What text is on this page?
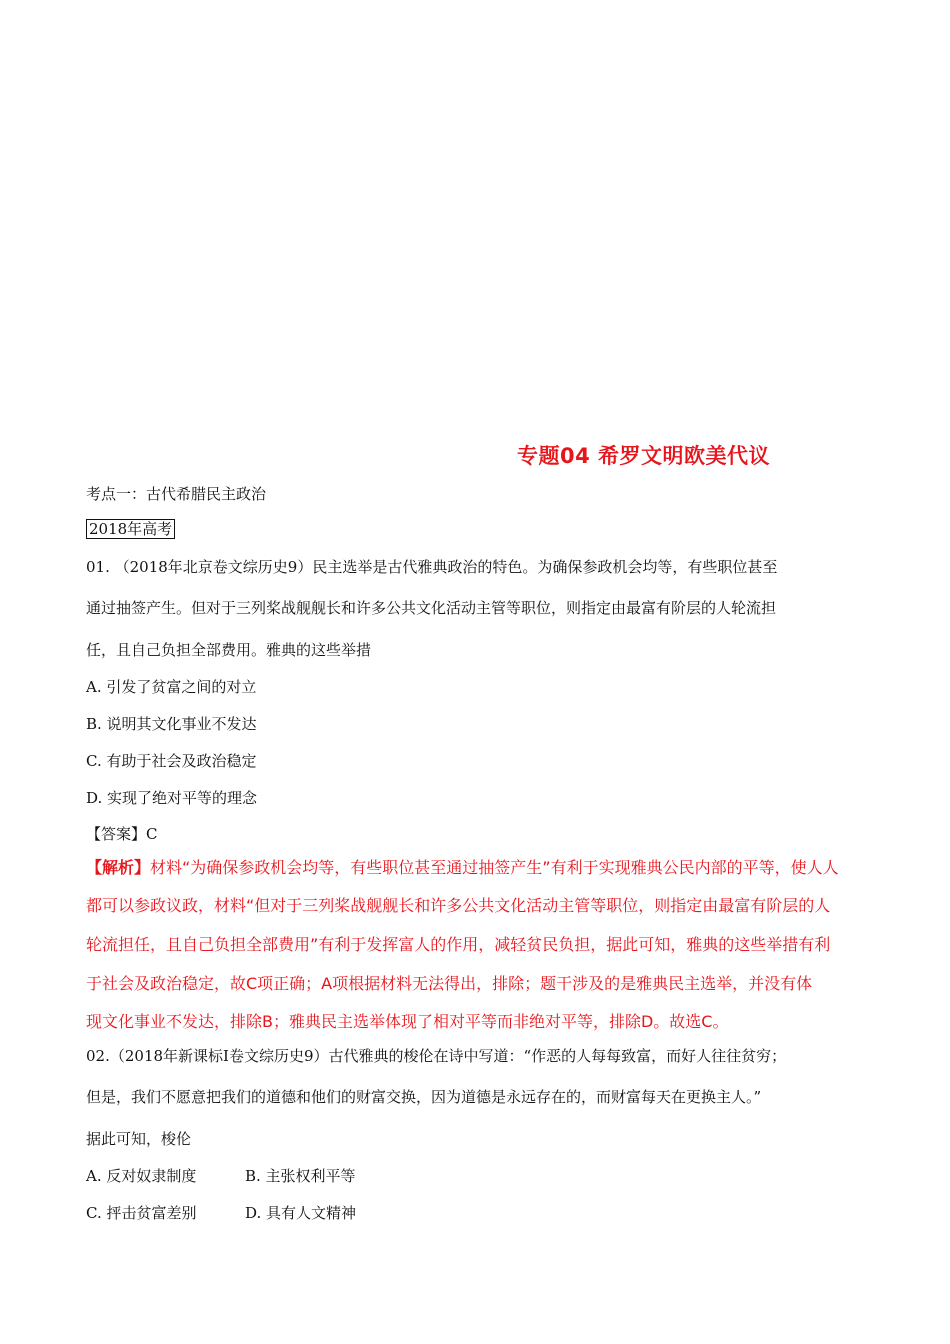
专题04 希罗文明欧美代议
考点一：古代希腊民主政治
2018年高考
01. （2018年北京卷文综历史9）民主选举是古代雅典政治的特色。为确保参政机会均等，有些职位甚至
通过抽签产生。但对于三列桨战舰舰长和许多公共文化活动主管等职位，则指定由最富有阶层的人轮流担
任，且自己负担全部费用。雅典的这些举措
A. 引发了贫富之间的对立
B. 说明其文化事业不发达
C. 有助于社会及政治稳定
D. 实现了绝对平等的理念
【答案】C
【解析】材料“为确保参政机会均等，有些职位甚至通过抽签产生”有利于实现雅典公民内部的平等，使人人
都可以参政议政，材料“但对于三列桨战舰舰长和许多公共文化活动主管等职位，则指定由最富有阶层的人
轮流担任，且自己负担全部费用”有利于发挥富人的作用，减轻贫民负担，据此可知，雅典的这些举措有利
于社会及政治稳定，故C项正确；A项根据材料无法得出，排除；题干涉及的是雅典民主选举，并没有体
现文化事业不发达，排除B；雅典民主选举体现了相对平等而非绝对平等，排除D。故选C。
02.（2018年新课标Ⅰ卷文综历史9）古代雅典的梭伦在诗中写道：“作恶的人每每致富，而好人往往贫穷；
但是，我们不愿意把我们的道德和他们的财富交换，因为道德是永远存在的，而财富每天在更换主人。”
据此可知，梭伦
A. 反对奴隶制度	B. 主张权利平等
C. 抨击贫富差别	D. 具有人文精神
